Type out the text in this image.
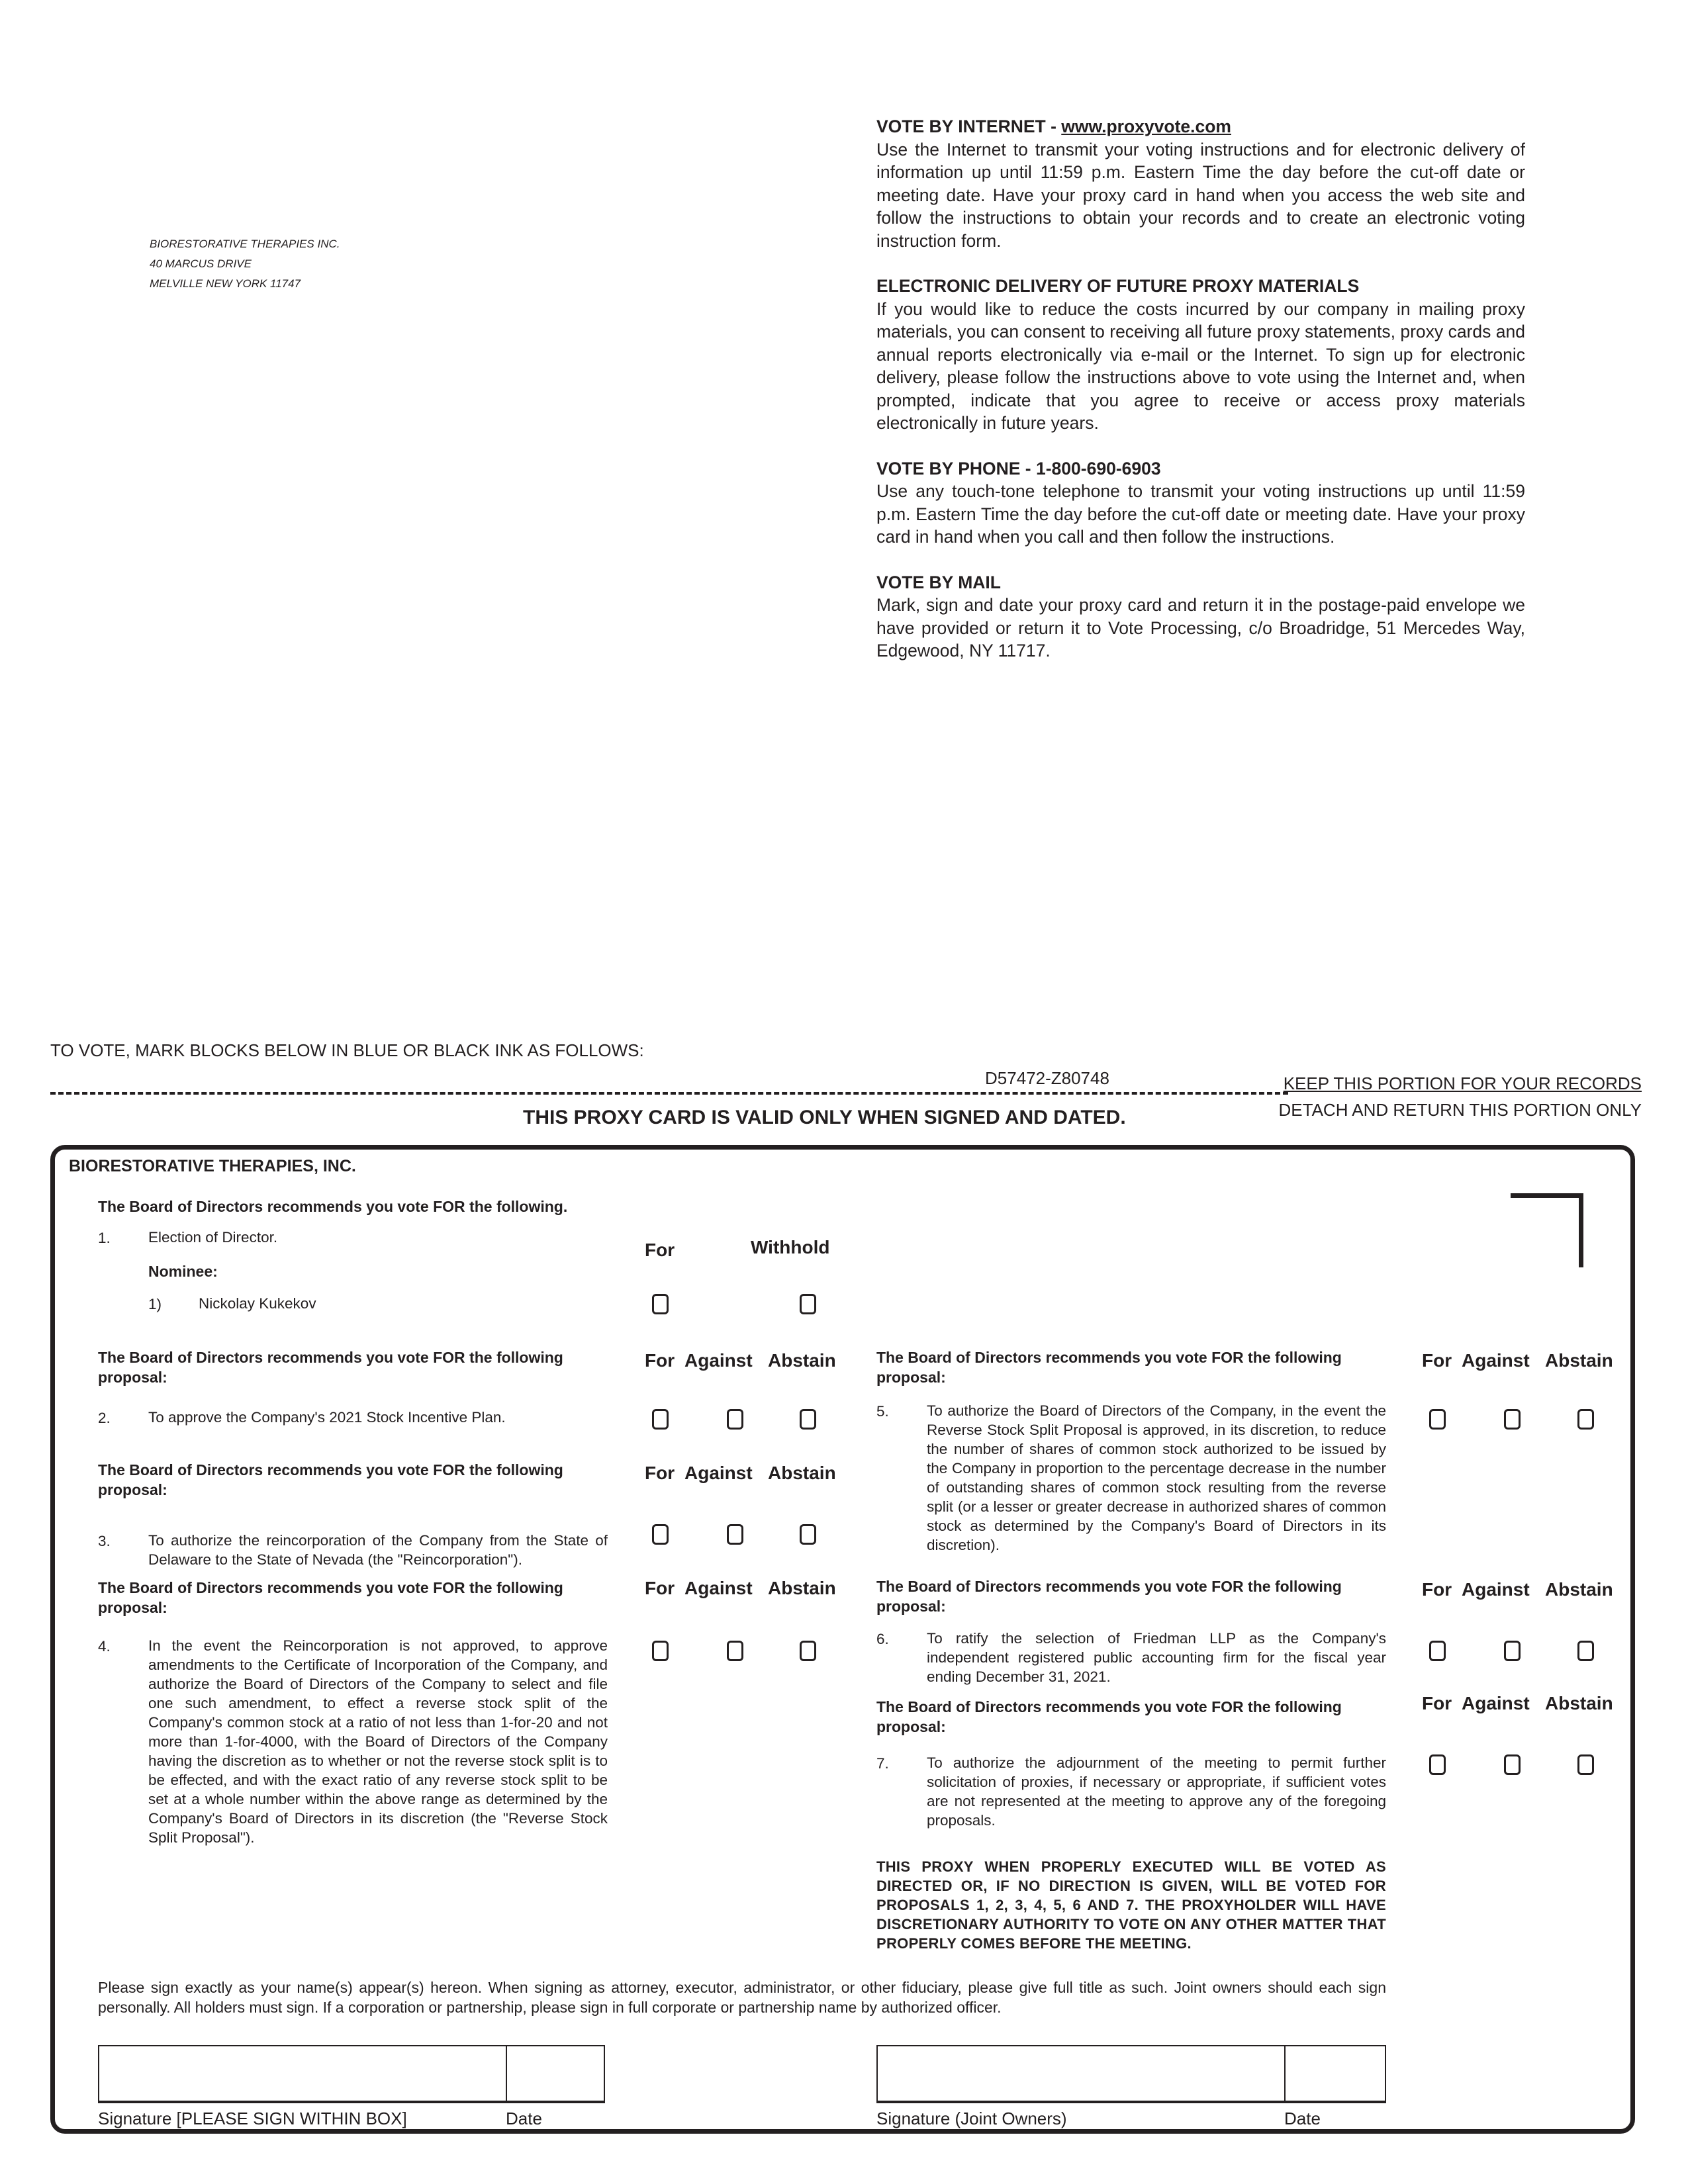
BIORESTORATIVE THERAPIES INC.
40 MARCUS DRIVE
MELVILLE NEW YORK 11747
VOTE BY INTERNET - www.proxyvote.com
Use the Internet to transmit your voting instructions and for electronic delivery of information up until 11:59 p.m. Eastern Time the day before the cut-off date or meeting date. Have your proxy card in hand when you access the web site and follow the instructions to obtain your records and to create an electronic voting instruction form.
ELECTRONIC DELIVERY OF FUTURE PROXY MATERIALS
If you would like to reduce the costs incurred by our company in mailing proxy materials, you can consent to receiving all future proxy statements, proxy cards and annual reports electronically via e-mail or the Internet. To sign up for electronic delivery, please follow the instructions above to vote using the Internet and, when prompted, indicate that you agree to receive or access proxy materials electronically in future years.
VOTE BY PHONE - 1-800-690-6903
Use any touch-tone telephone to transmit your voting instructions up until 11:59 p.m. Eastern Time the day before the cut-off date or meeting date. Have your proxy card in hand when you call and then follow the instructions.
VOTE BY MAIL
Mark, sign and date your proxy card and return it in the postage-paid envelope we have provided or return it to Vote Processing, c/o Broadridge, 51 Mercedes Way, Edgewood, NY 11717.
TO VOTE, MARK BLOCKS BELOW IN BLUE OR BLACK INK AS FOLLOWS:
D57472-Z80748	KEEP THIS PORTION FOR YOUR RECORDS
DETACH AND RETURN THIS PORTION ONLY
THIS PROXY CARD IS VALID ONLY WHEN SIGNED AND DATED.
BIORESTORATIVE THERAPIES, INC.
The Board of Directors recommends you vote FOR the following.
1.	Election of Director.
Nominee:
1) Nickolay Kukekov
For	Withhold
The Board of Directors recommends you vote FOR the following proposal:
For Against Abstain
2.	To approve the Company's 2021 Stock Incentive Plan.
The Board of Directors recommends you vote FOR the following proposal:
For Against Abstain
3.	To authorize the reincorporation of the Company from the State of Delaware to the State of Nevada (the "Reincorporation").
The Board of Directors recommends you vote FOR the following proposal:
For Against Abstain
4.	In the event the Reincorporation is not approved, to approve amendments to the Certificate of Incorporation of the Company, and authorize the Board of Directors of the Company to select and file one such amendment, to effect a reverse stock split of the Company's common stock at a ratio of not less than 1-for-20 and not more than 1-for-4000, with the Board of Directors of the Company having the discretion as to whether or not the reverse stock split is to be effected, and with the exact ratio of any reverse stock split to be set at a whole number within the above range as determined by the Company's Board of Directors in its discretion (the "Reverse Stock Split Proposal").
The Board of Directors recommends you vote FOR the following proposal:
For Against Abstain
5.	To authorize the Board of Directors of the Company, in the event the Reverse Stock Split Proposal is approved, in its discretion, to reduce the number of shares of common stock authorized to be issued by the Company in proportion to the percentage decrease in the number of outstanding shares of common stock resulting from the reverse split (or a lesser or greater decrease in authorized shares of common stock as determined by the Company's Board of Directors in its discretion).
The Board of Directors recommends you vote FOR the following proposal:
For Against Abstain
6.	To ratify the selection of Friedman LLP as the Company's independent registered public accounting firm for the fiscal year ending December 31, 2021.
The Board of Directors recommends you vote FOR the following proposal:
For Against Abstain
7.	To authorize the adjournment of the meeting to permit further solicitation of proxies, if necessary or appropriate, if sufficient votes are not represented at the meeting to approve any of the foregoing proposals.
THIS PROXY WHEN PROPERLY EXECUTED WILL BE VOTED AS DIRECTED OR, IF NO DIRECTION IS GIVEN, WILL BE VOTED FOR PROPOSALS 1, 2, 3, 4, 5, 6 AND 7. THE PROXYHOLDER WILL HAVE DISCRETIONARY AUTHORITY TO VOTE ON ANY OTHER MATTER THAT PROPERLY COMES BEFORE THE MEETING.
Please sign exactly as your name(s) appear(s) hereon. When signing as attorney, executor, administrator, or other fiduciary, please give full title as such. Joint owners should each sign personally. All holders must sign. If a corporation or partnership, please sign in full corporate or partnership name by authorized officer.
Signature [PLEASE SIGN WITHIN BOX]	Date	Signature (Joint Owners)	Date
